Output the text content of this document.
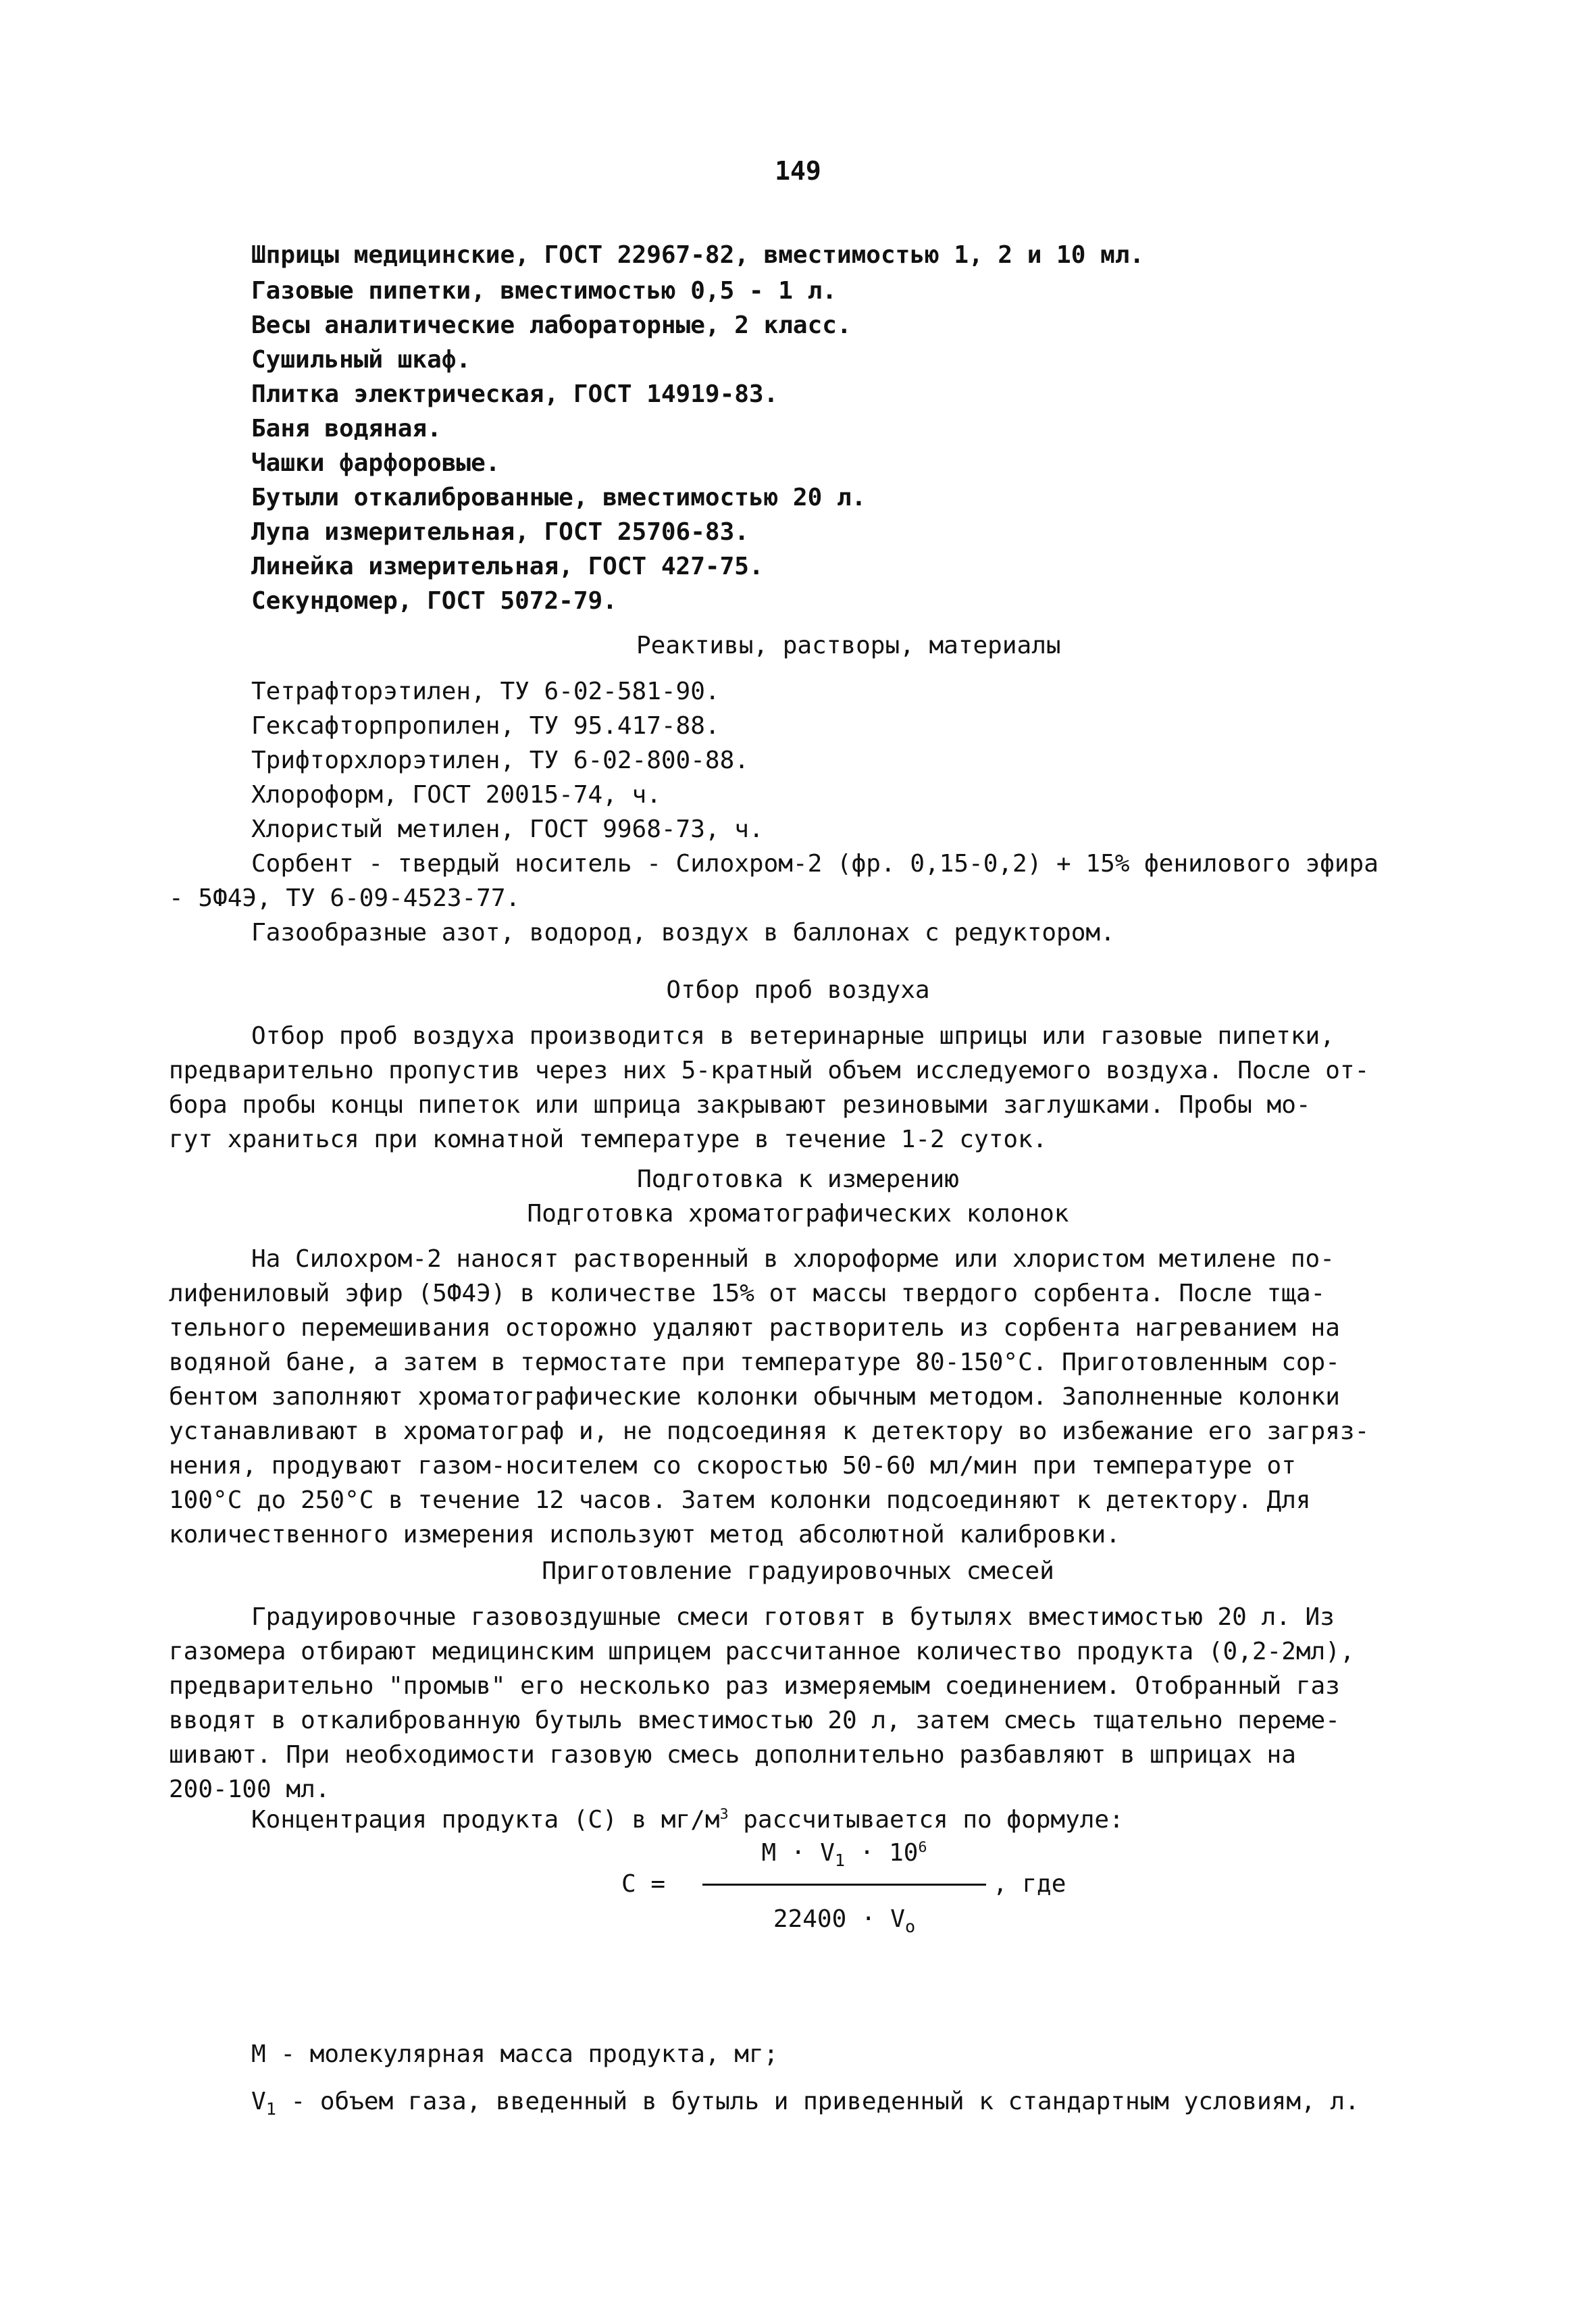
149
Шприцы медицинские, ГОСТ 22967-82, вместимостью 1, 2 и 10 мл.
Газовые пипетки, вместимостью 0,5 - 1 л.
Весы аналитические лабораторные, 2 класс.
Сушильный шкаф.
Плитка электрическая, ГОСТ 14919-83.
Баня водяная.
Чашки фарфоровые.
Бутыли откалиброванные, вместимостью 20 л.
Лупа измерительная, ГОСТ 25706-83.
Линейка измерительная, ГОСТ 427-75.
Секундомер, ГОСТ 5072-79.
Реактивы, растворы, материалы
Тетрафторэтилен, ТУ 6-02-581-90.
Гексафторпропилен, ТУ 95.417-88.
Трифторхлорэтилен, ТУ 6-02-800-88.
Хлороформ, ГОСТ 20015-74, ч.
Хлористый метилен, ГОСТ 9968-73, ч.
Сорбент - твердый носитель - Силохром-2 (фр. 0,15-0,2) + 15% фенилового эфира
- 5Ф4Э, ТУ 6-09-4523-77.
Газообразные азот, водород, воздух в баллонах с редуктором.
Отбор проб воздуха
Отбор проб воздуха производится в ветеринарные шприцы или газовые пипетки,
предварительно пропустив через них 5-кратный объем исследуемого воздуха. После от-
бора пробы концы пипеток или шприца закрывают резиновыми заглушками. Пробы мо-
гут храниться при комнатной температуре в течение 1-2 суток.
Подготовка к измерению
Подготовка хроматографических колонок
На Силохром-2 наносят растворенный в хлороформе или хлористом метилене по-
лифениловый эфир (5Ф4Э) в количестве 15% от массы твердого сорбента. После тща-
тельного перемешивания осторожно удаляют растворитель из сорбента нагреванием на
водяной бане, а затем в термостате при температуре 80-150°С. Приготовленным сор-
бентом заполняют хроматографические колонки обычным методом. Заполненные колонки
устанавливают в хроматограф и, не подсоединяя к детектору во избежание его загряз-
нения, продувают газом-носителем со скоростью 50-60 мл/мин при температуре от
100°С до 250°С в течение 12 часов. Затем колонки подсоединяют к детектору. Для
количественного измерения используют метод абсолютной калибровки.
Приготовление градуировочных смесей
Градуировочные газовоздушные смеси готовят в бутылях вместимостью 20 л. Из
газомера отбирают медицинским шприцем рассчитанное количество продукта (0,2-2мл),
предварительно "промыв" его несколько раз измеряемым соединением. Отобранный газ
вводят в откалиброванную бутыль вместимостью 20 л, затем смесь тщательно переме-
шивают. При необходимости газовую смесь дополнительно разбавляют в шприцах на
200-100 мл.
Концентрация продукта (С) в $мг/м^3$ рассчитывается по формуле:
С =
$M \cdot V_1 \cdot 10^6$
$22400 \cdot V_o$
, где
M - молекулярная масса продукта, мг;
$V_1$ - объем газа, введенный в бутыль и приведенный к стандартным условиям, л.
